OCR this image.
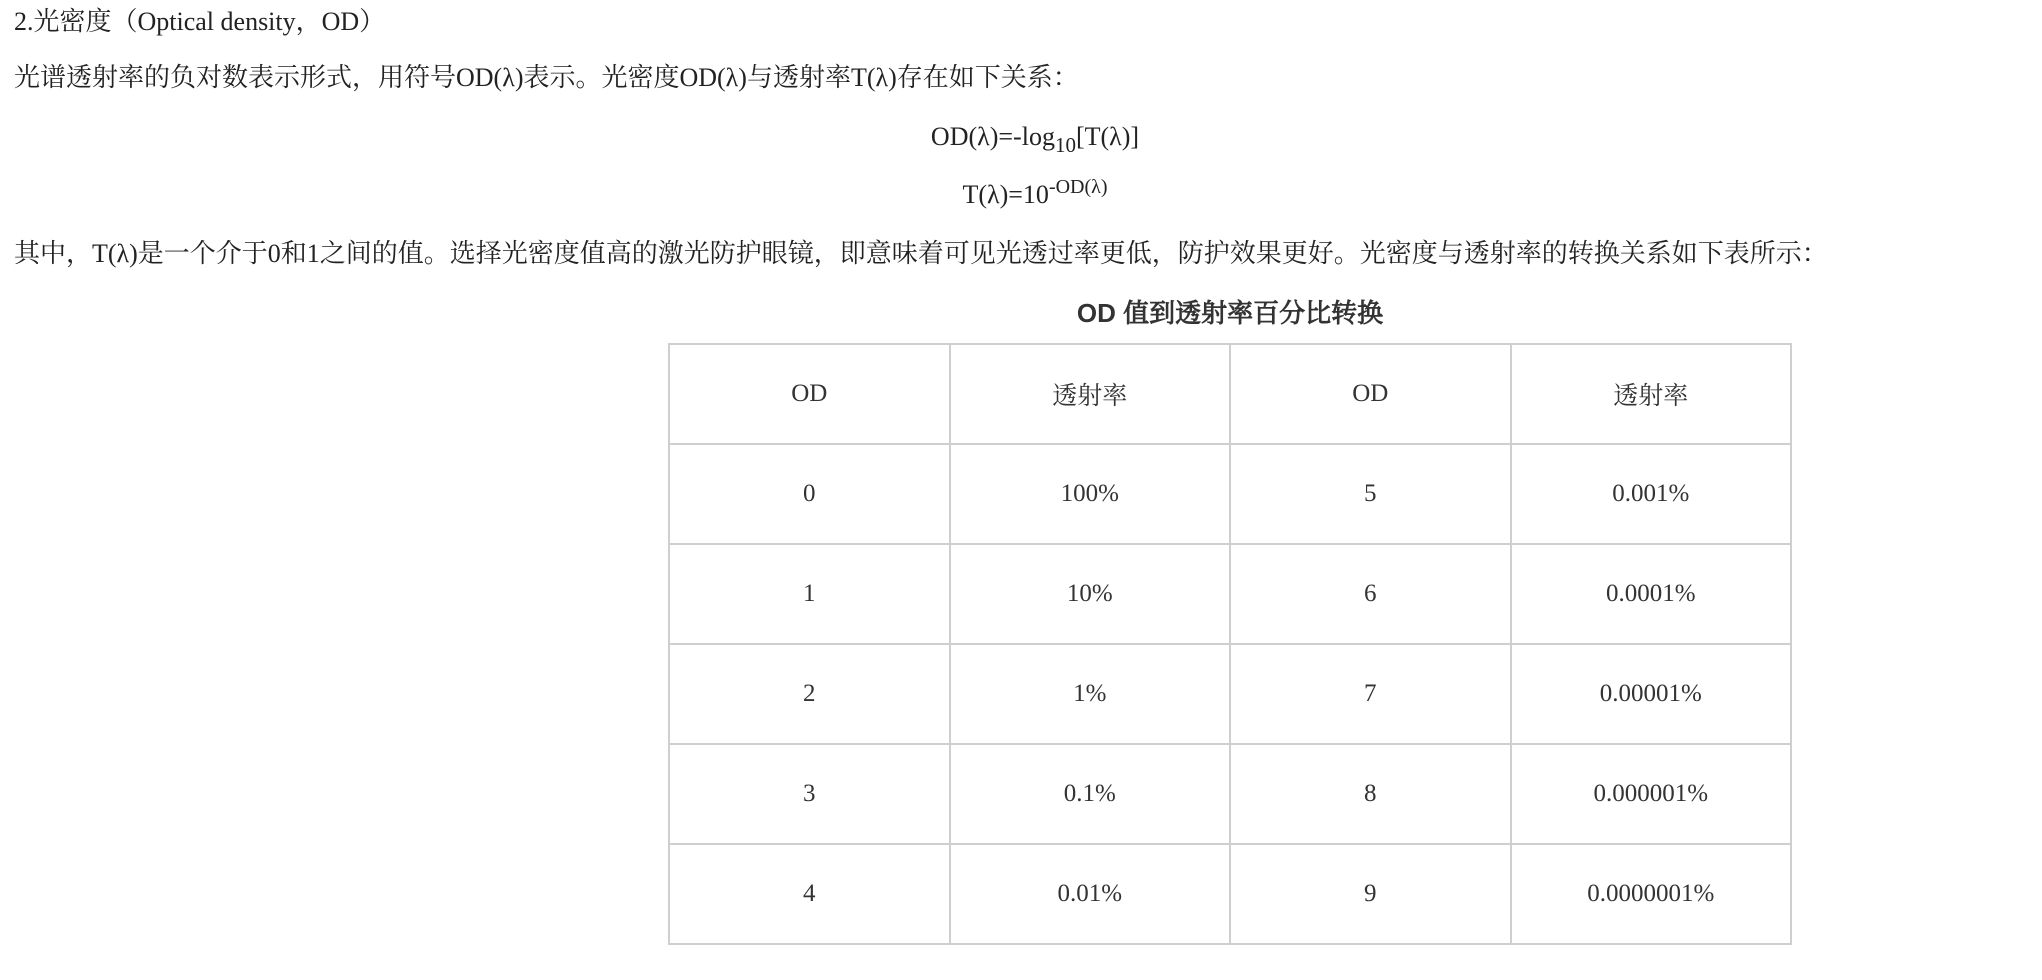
2.光密度（Optical density，OD）
光谱透射率的负对数表示形式，用符号OD(λ)表示。光密度OD(λ)与透射率T(λ)存在如下关系：
$OD(\lambda)=-\log_{10}[T(\lambda)]$
$T(\lambda)=10^{-OD(\lambda)}$
其中，T(λ)是一个介于0和1之间的值。选择光密度值高的激光防护眼镜，即意味着可见光透过率更低，防护效果更好。光密度与透射率的转换关系如下表所示：
OD 值到透射率百分比转换
OD	透射率	OD	透射率
0	100%	5	0.001%
1	10%	6	0.0001%
2	1%	7	0.00001%
3	0.1%	8	0.000001%
4	0.01%	9	0.0000001%
